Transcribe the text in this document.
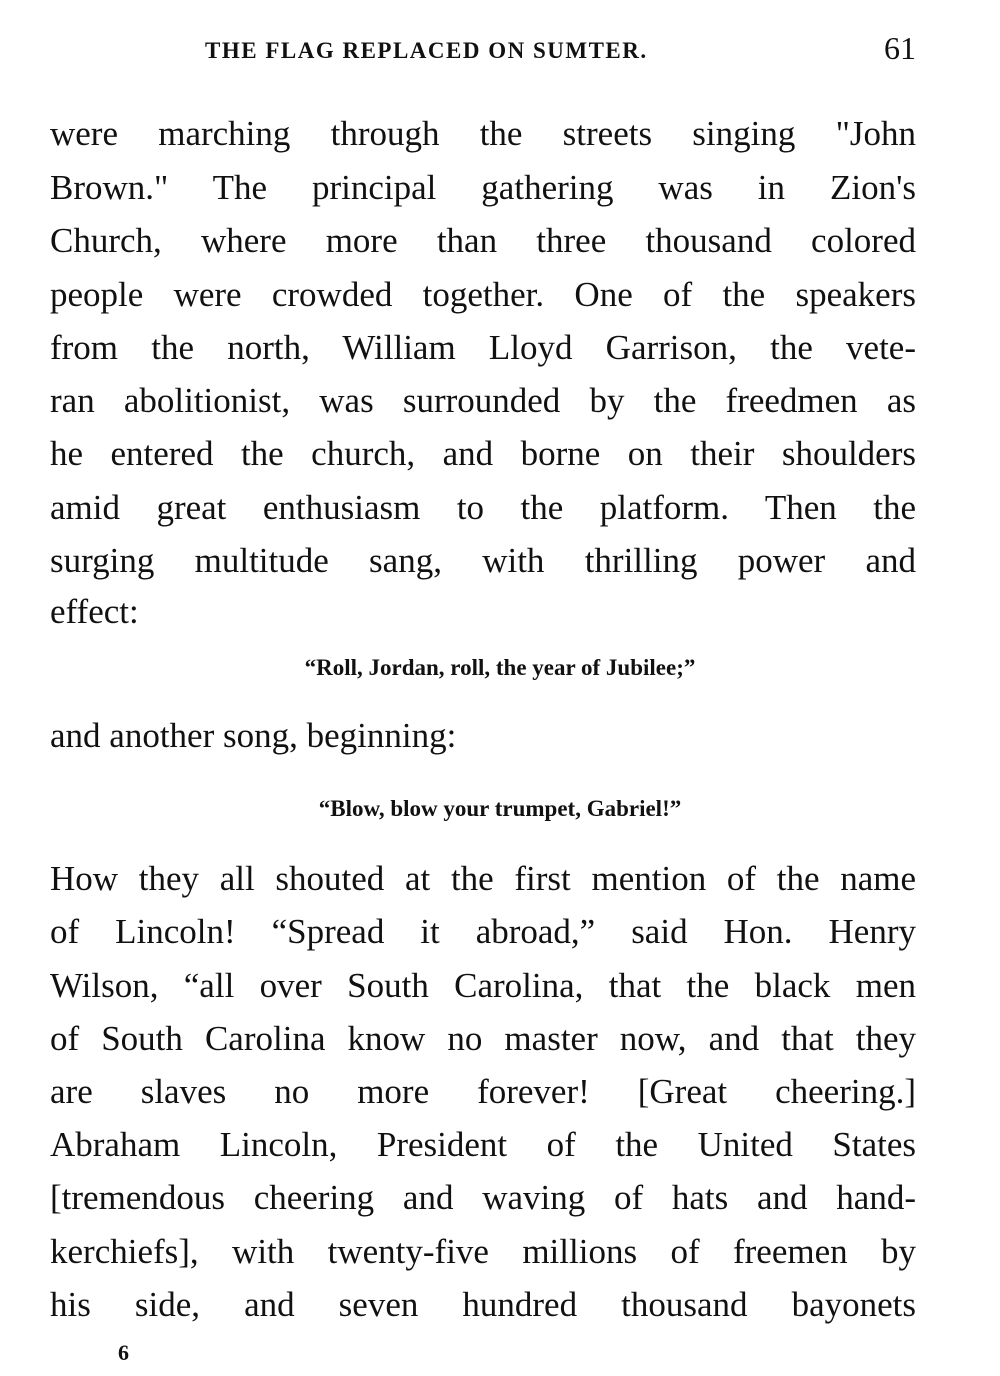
THE FLAG REPLACED ON SUMTER.	61
were marching through the streets singing "John
Brown." The principal gathering was in Zion's
Church, where more than three thousand colored
people were crowded together. One of the speakers
from the north, William Lloyd Garrison, the vete-
ran abolitionist, was surrounded by the freedmen as
he entered the church, and borne on their shoulders
amid great enthusiasm to the platform. Then the
surging multitude sang, with thrilling power and
effect:
“Roll, Jordan, roll, the year of Jubilee;”
and another song, beginning:
“Blow, blow your trumpet, Gabriel!”
How they all shouted at the first mention of the name
of Lincoln! “Spread it abroad,” said Hon. Henry
Wilson, “all over South Carolina, that the black men
of South Carolina know no master now, and that they
are slaves no more forever! [Great cheering.]
Abraham Lincoln, President of the United States
[tremendous cheering and waving of hats and hand-
kerchiefs], with twenty-five millions of freemen by
his side, and seven hundred thousand bayonets
6
